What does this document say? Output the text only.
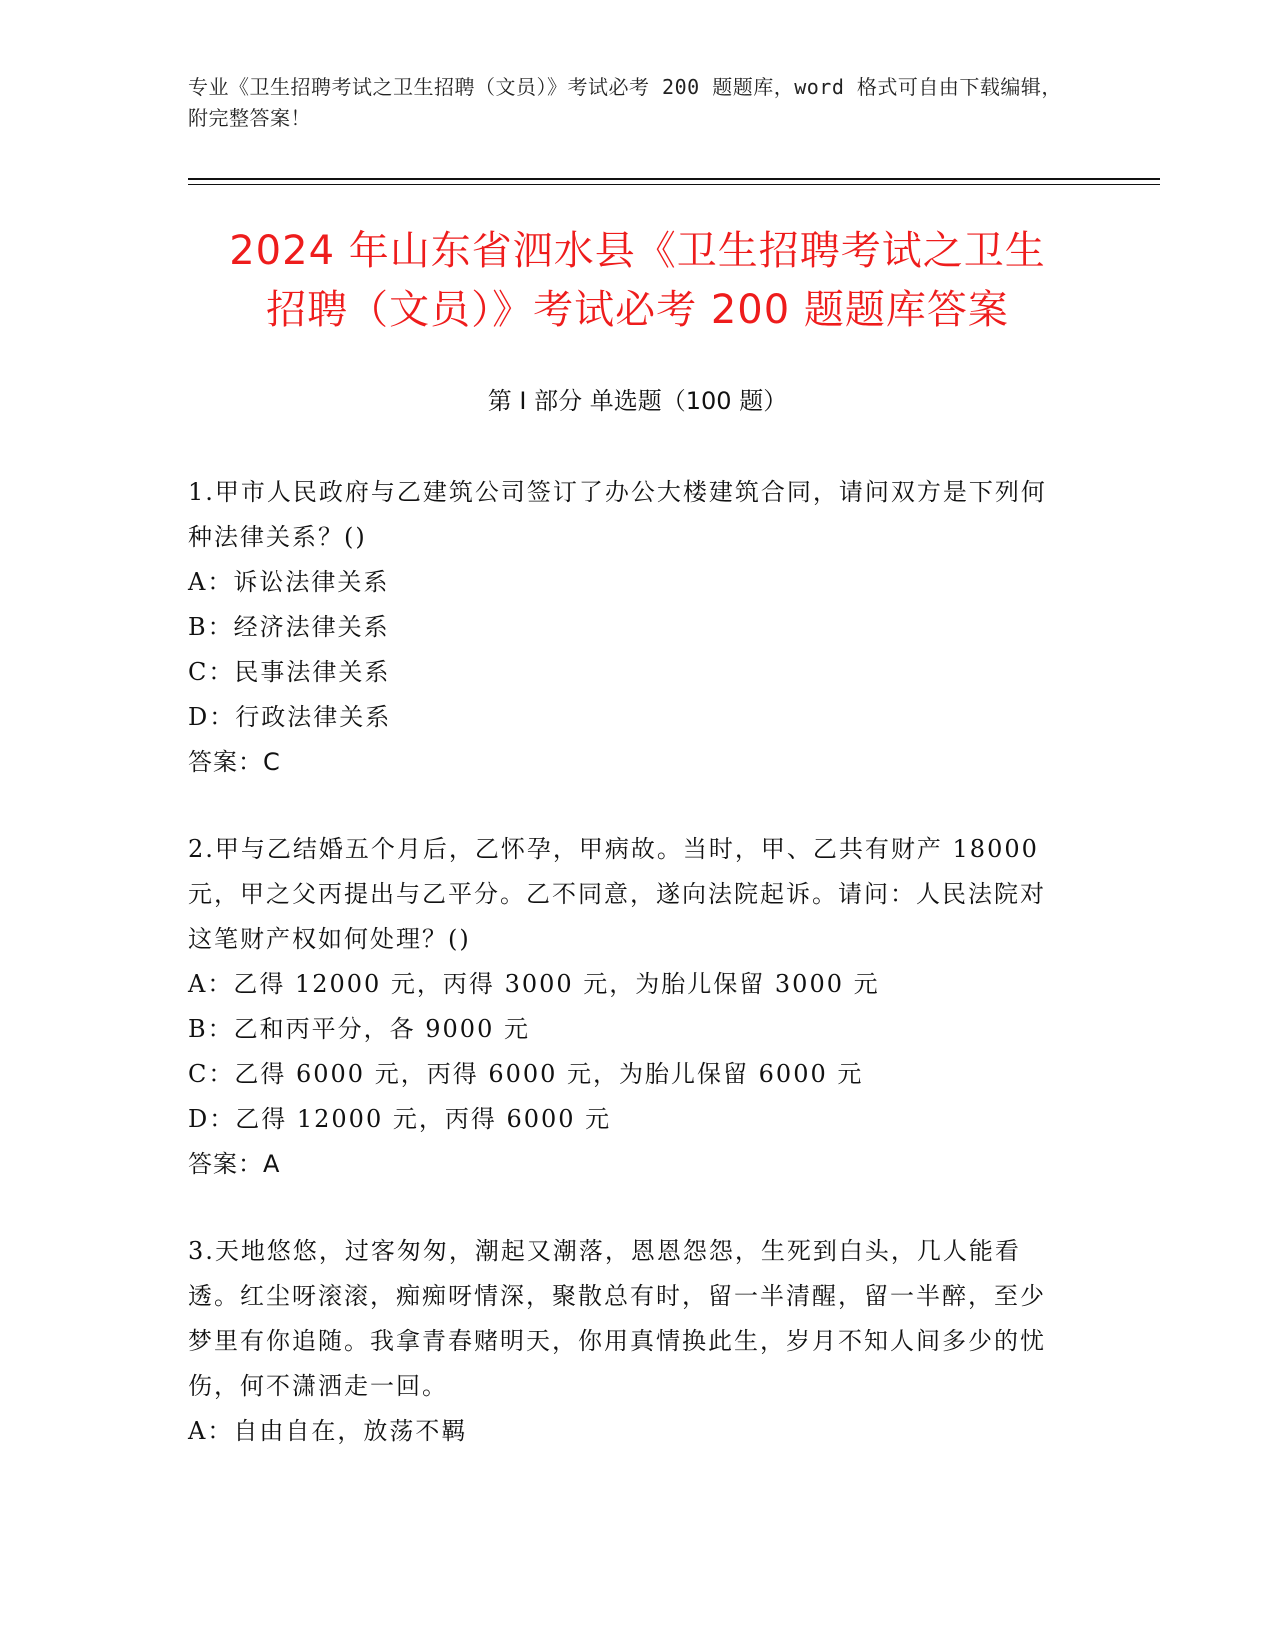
专业《卫生招聘考试之卫生招聘（文员）》考试必考 200 题题库，word 格式可自由下载编辑，附完整答案！
2024 年山东省泗水县《卫生招聘考试之卫生
招聘（文员）》考试必考 200 题题库答案
第 I 部分 单选题（100 题）
1.甲市人民政府与乙建筑公司签订了办公大楼建筑合同，请问双方是下列何种法律关系？()
A：诉讼法律关系
B：经济法律关系
C：民事法律关系
D：行政法律关系
答案：C
2.甲与乙结婚五个月后，乙怀孕，甲病故。当时，甲、乙共有财产 18000 元，甲之父丙提出与乙平分。乙不同意，遂向法院起诉。请问：人民法院对这笔财产权如何处理？()
A：乙得 12000 元，丙得 3000 元，为胎儿保留 3000 元
B：乙和丙平分，各 9000 元
C：乙得 6000 元，丙得 6000 元，为胎儿保留 6000 元
D：乙得 12000 元，丙得 6000 元
答案：A
3.天地悠悠，过客匆匆，潮起又潮落，恩恩怨怨，生死到白头，几人能看透。红尘呀滚滚，痴痴呀情深，聚散总有时，留一半清醒，留一半醉，至少梦里有你追随。我拿青春赌明天，你用真情换此生，岁月不知人间多少的忧伤，何不潇洒走一回。
A：自由自在，放荡不羁
